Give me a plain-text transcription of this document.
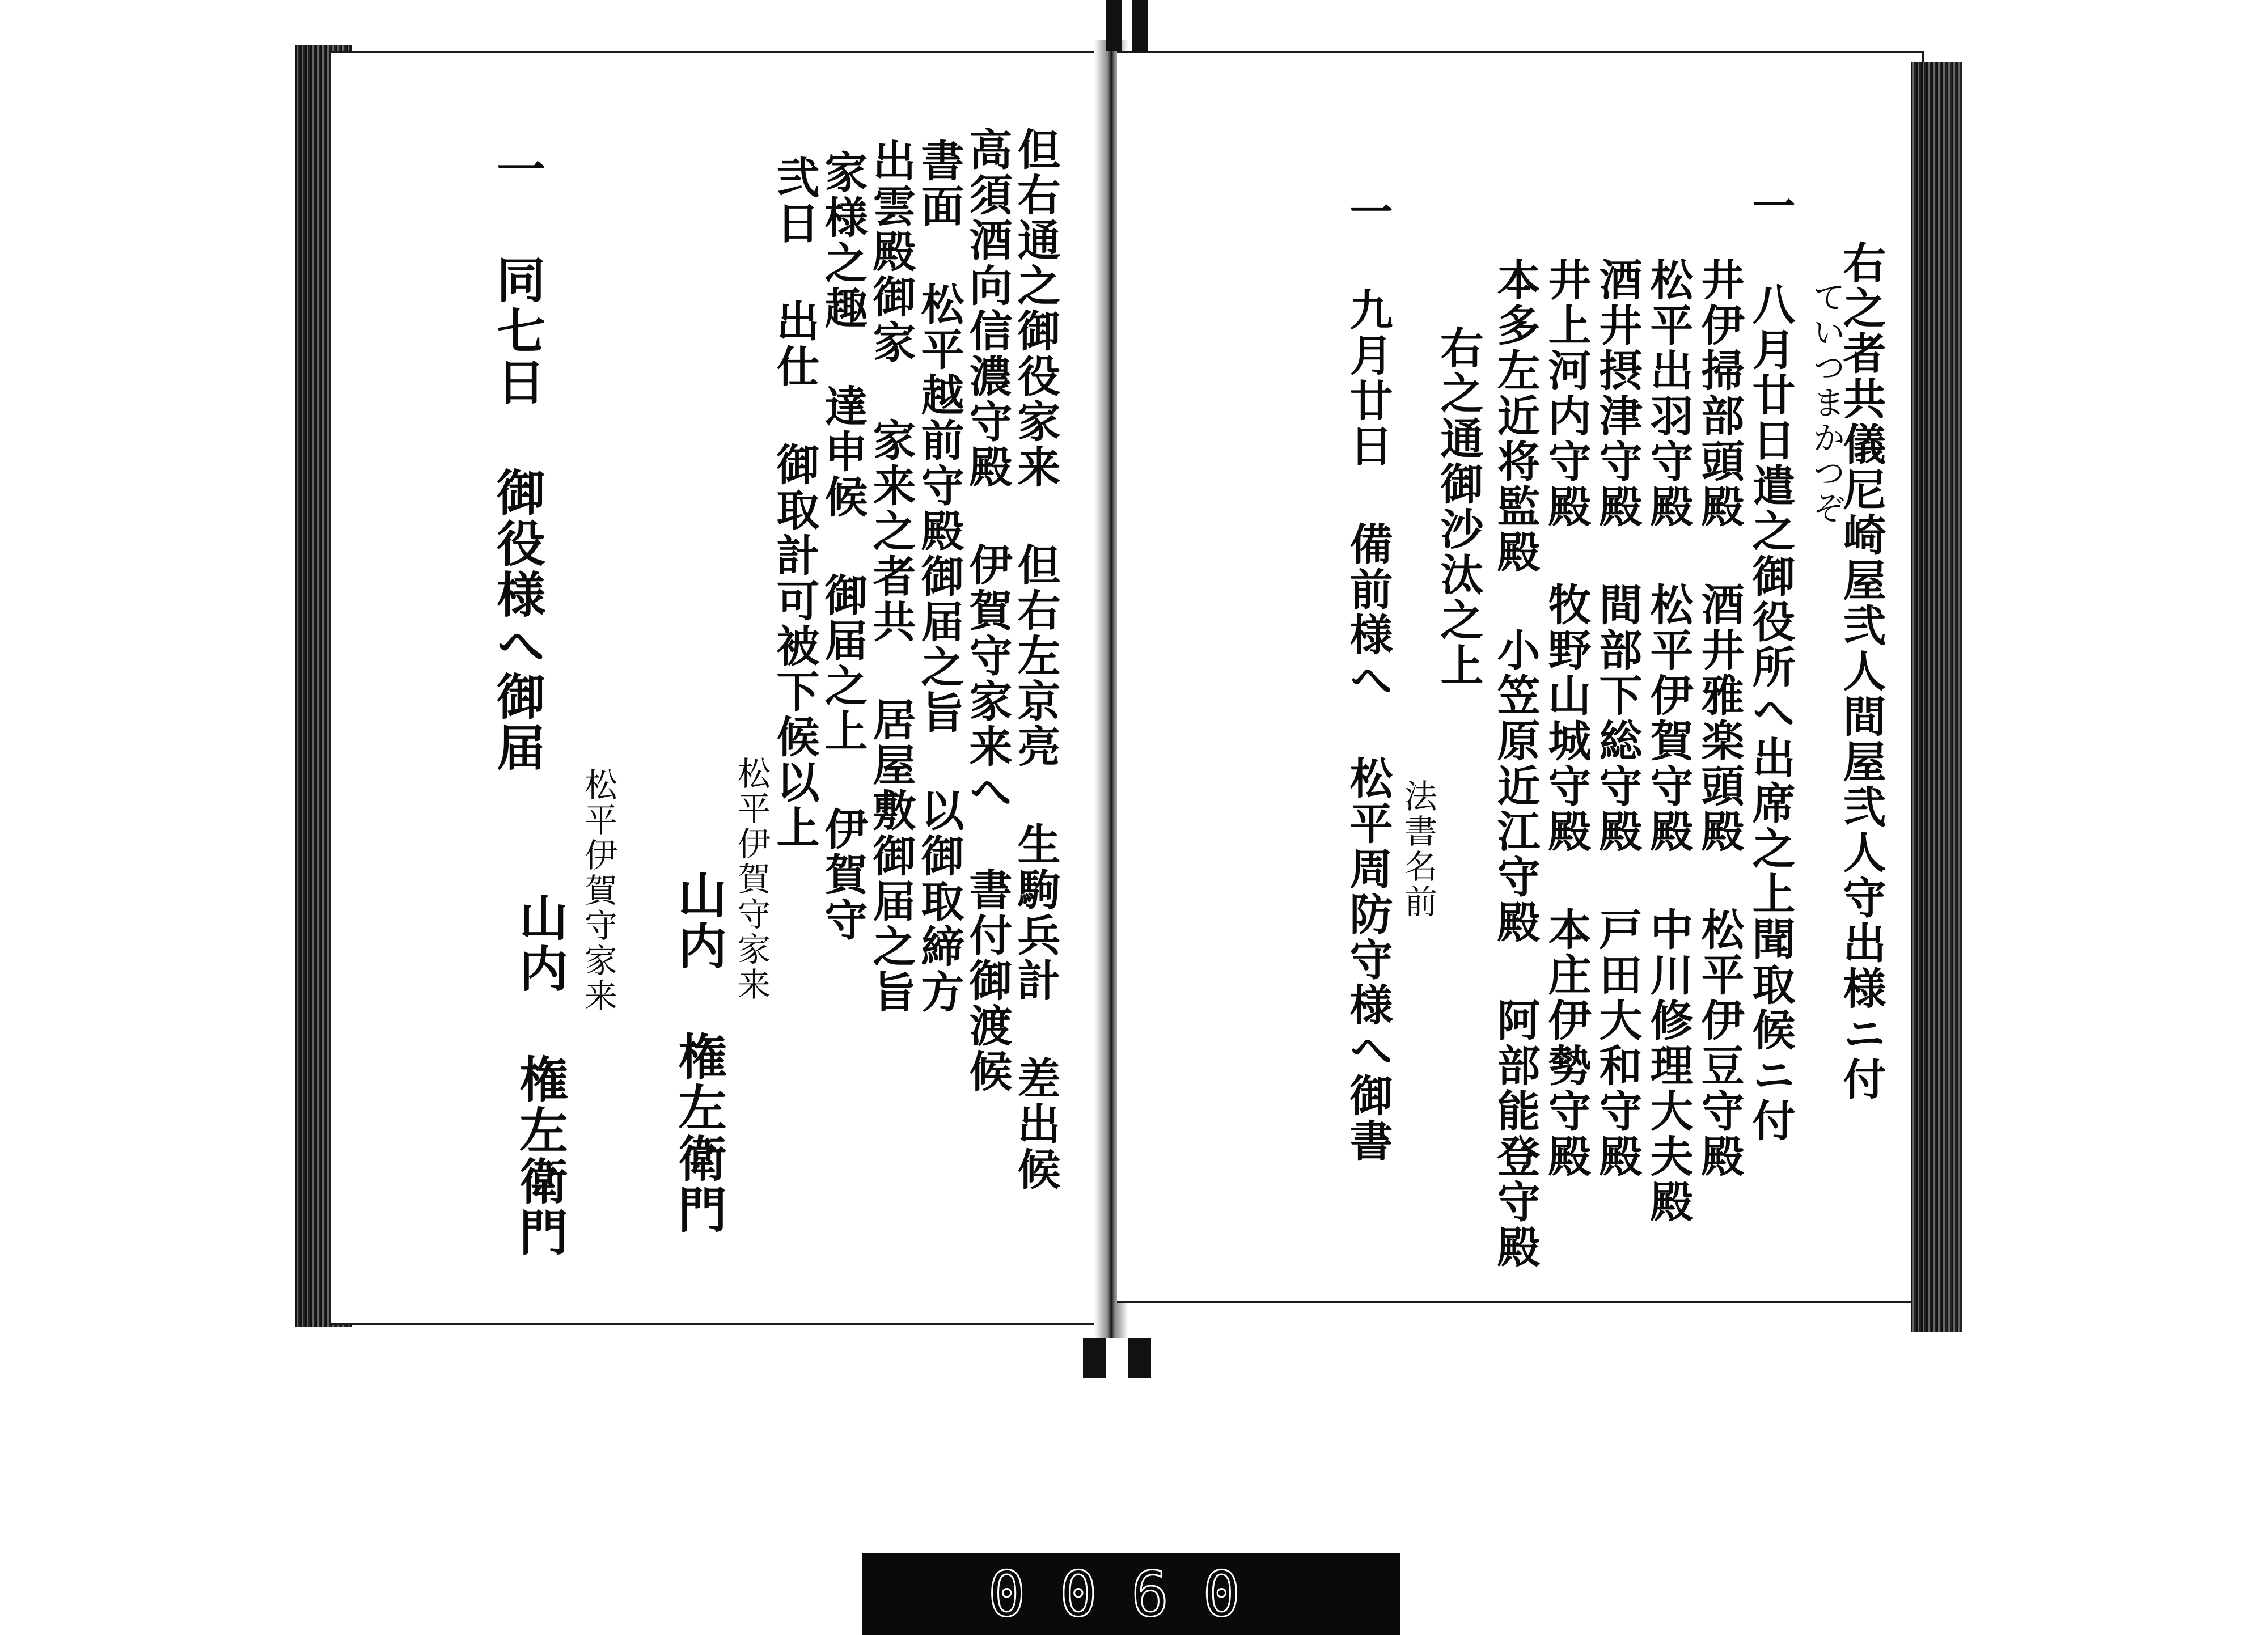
但右通之御役家来 但右左京亮 生駒兵計 差出候
高須酒向信濃守殿 伊賀守家来へ 書付御渡候
書面 松平越前守殿御届之旨 以御取締方
出雲殿御家 家来之者共 居屋敷御届之旨
家様之趣 達申候 御届之上 伊賀守
弐日 出仕 御取計可被下候以上
松平伊賀守家来
山内 権左衛門
一 同七日 御役様へ御届
松平伊賀守家来
山内 権左衛門	右之者共儀尼崎屋弐人間屋弐人守出様ニ付
ていつまかつぞ
一 八月廿日遣之御役所へ出席之上聞取候ニ付
井伊掃部頭殿 酒井雅楽頭殿 松平伊豆守殿
松平出羽守殿 松平伊賀守殿 中川修理大夫殿
酒井摂津守殿 間部下総守殿 戸田大和守殿
井上河内守殿 牧野山城守殿 本庄伊勢守殿
本多左近将監殿 小笠原近江守殿 阿部能登守殿
右之通御沙汰之上
法書名前
一 九月廿日 備前様へ 松平周防守様へ御書
0060
